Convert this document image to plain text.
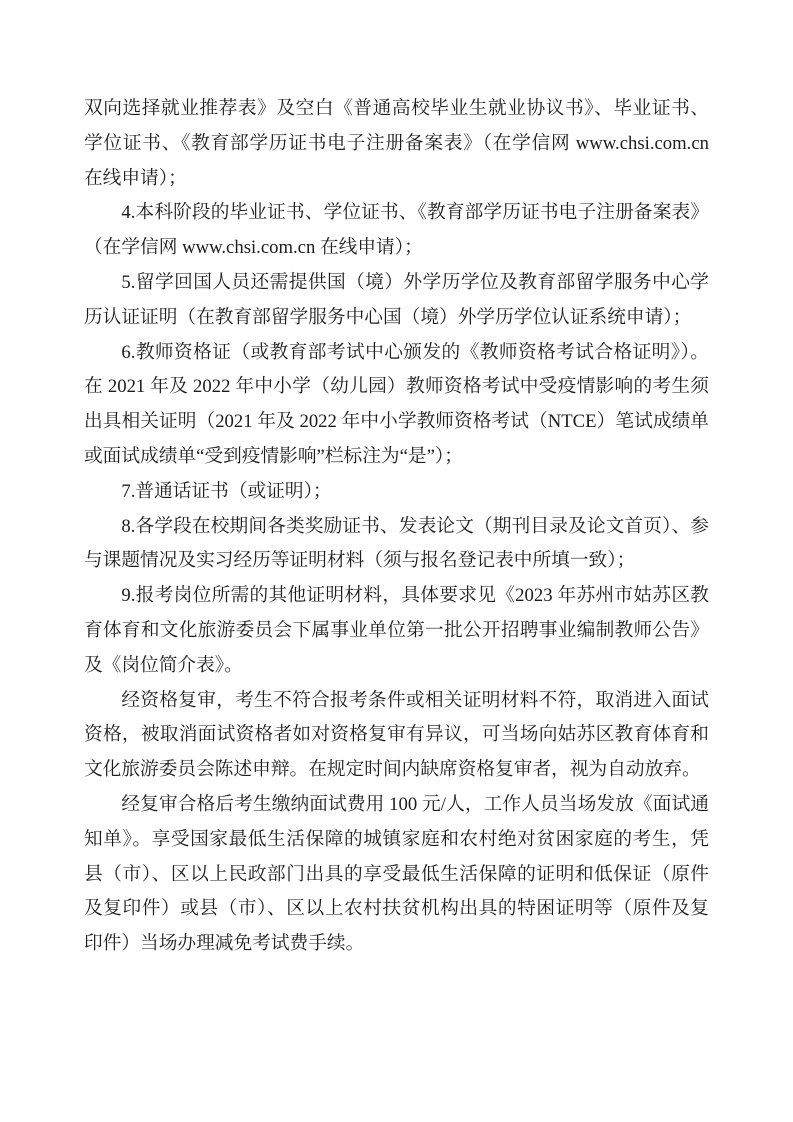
双向选择就业推荐表》及空白《普通高校毕业生就业协议书》、毕业证书、学位证书、《教育部学历证书电子注册备案表》（在学信网 www.chsi.com.cn 在线申请）；

4.本科阶段的毕业证书、学位证书、《教育部学历证书电子注册备案表》（在学信网 www.chsi.com.cn 在线申请）；

5.留学回国人员还需提供国（境）外学历学位及教育部留学服务中心学历认证证明（在教育部留学服务中心国（境）外学历学位认证系统申请）；

6.教师资格证（或教育部考试中心颁发的《教师资格考试合格证明》）。在 2021 年及 2022 年中小学（幼儿园）教师资格考试中受疫情影响的考生须出具相关证明（2021 年及 2022 年中小学教师资格考试（NTCE）笔试成绩单或面试成绩单“受到疫情影响”栏标注为“是”）；

7.普通话证书（或证明）；

8.各学段在校期间各类奖励证书、发表论文（期刊目录及论文首页）、参与课题情况及实习经历等证明材料（须与报名登记表中所填一致）；

9.报考岗位所需的其他证明材料，具体要求见《2023 年苏州市姑苏区教育体育和文化旅游委员会下属事业单位第一批公开招聘事业编制教师公告》及《岗位简介表》。

经资格复审，考生不符合报考条件或相关证明材料不符，取消进入面试资格，被取消面试资格者如对资格复审有异议，可当场向姑苏区教育体育和文化旅游委员会陈述申辩。在规定时间内缺席资格复审者，视为自动放弃。

经复审合格后考生缴纳面试费用 100 元/人，工作人员当场发放《面试通知单》。享受国家最低生活保障的城镇家庭和农村绝对贫困家庭的考生，凭县（市）、区以上民政部门出具的享受最低生活保障的证明和低保证（原件及复印件）或县（市）、区以上农村扶贫机构出具的特困证明等（原件及复印件）当场办理减免考试费手续。
